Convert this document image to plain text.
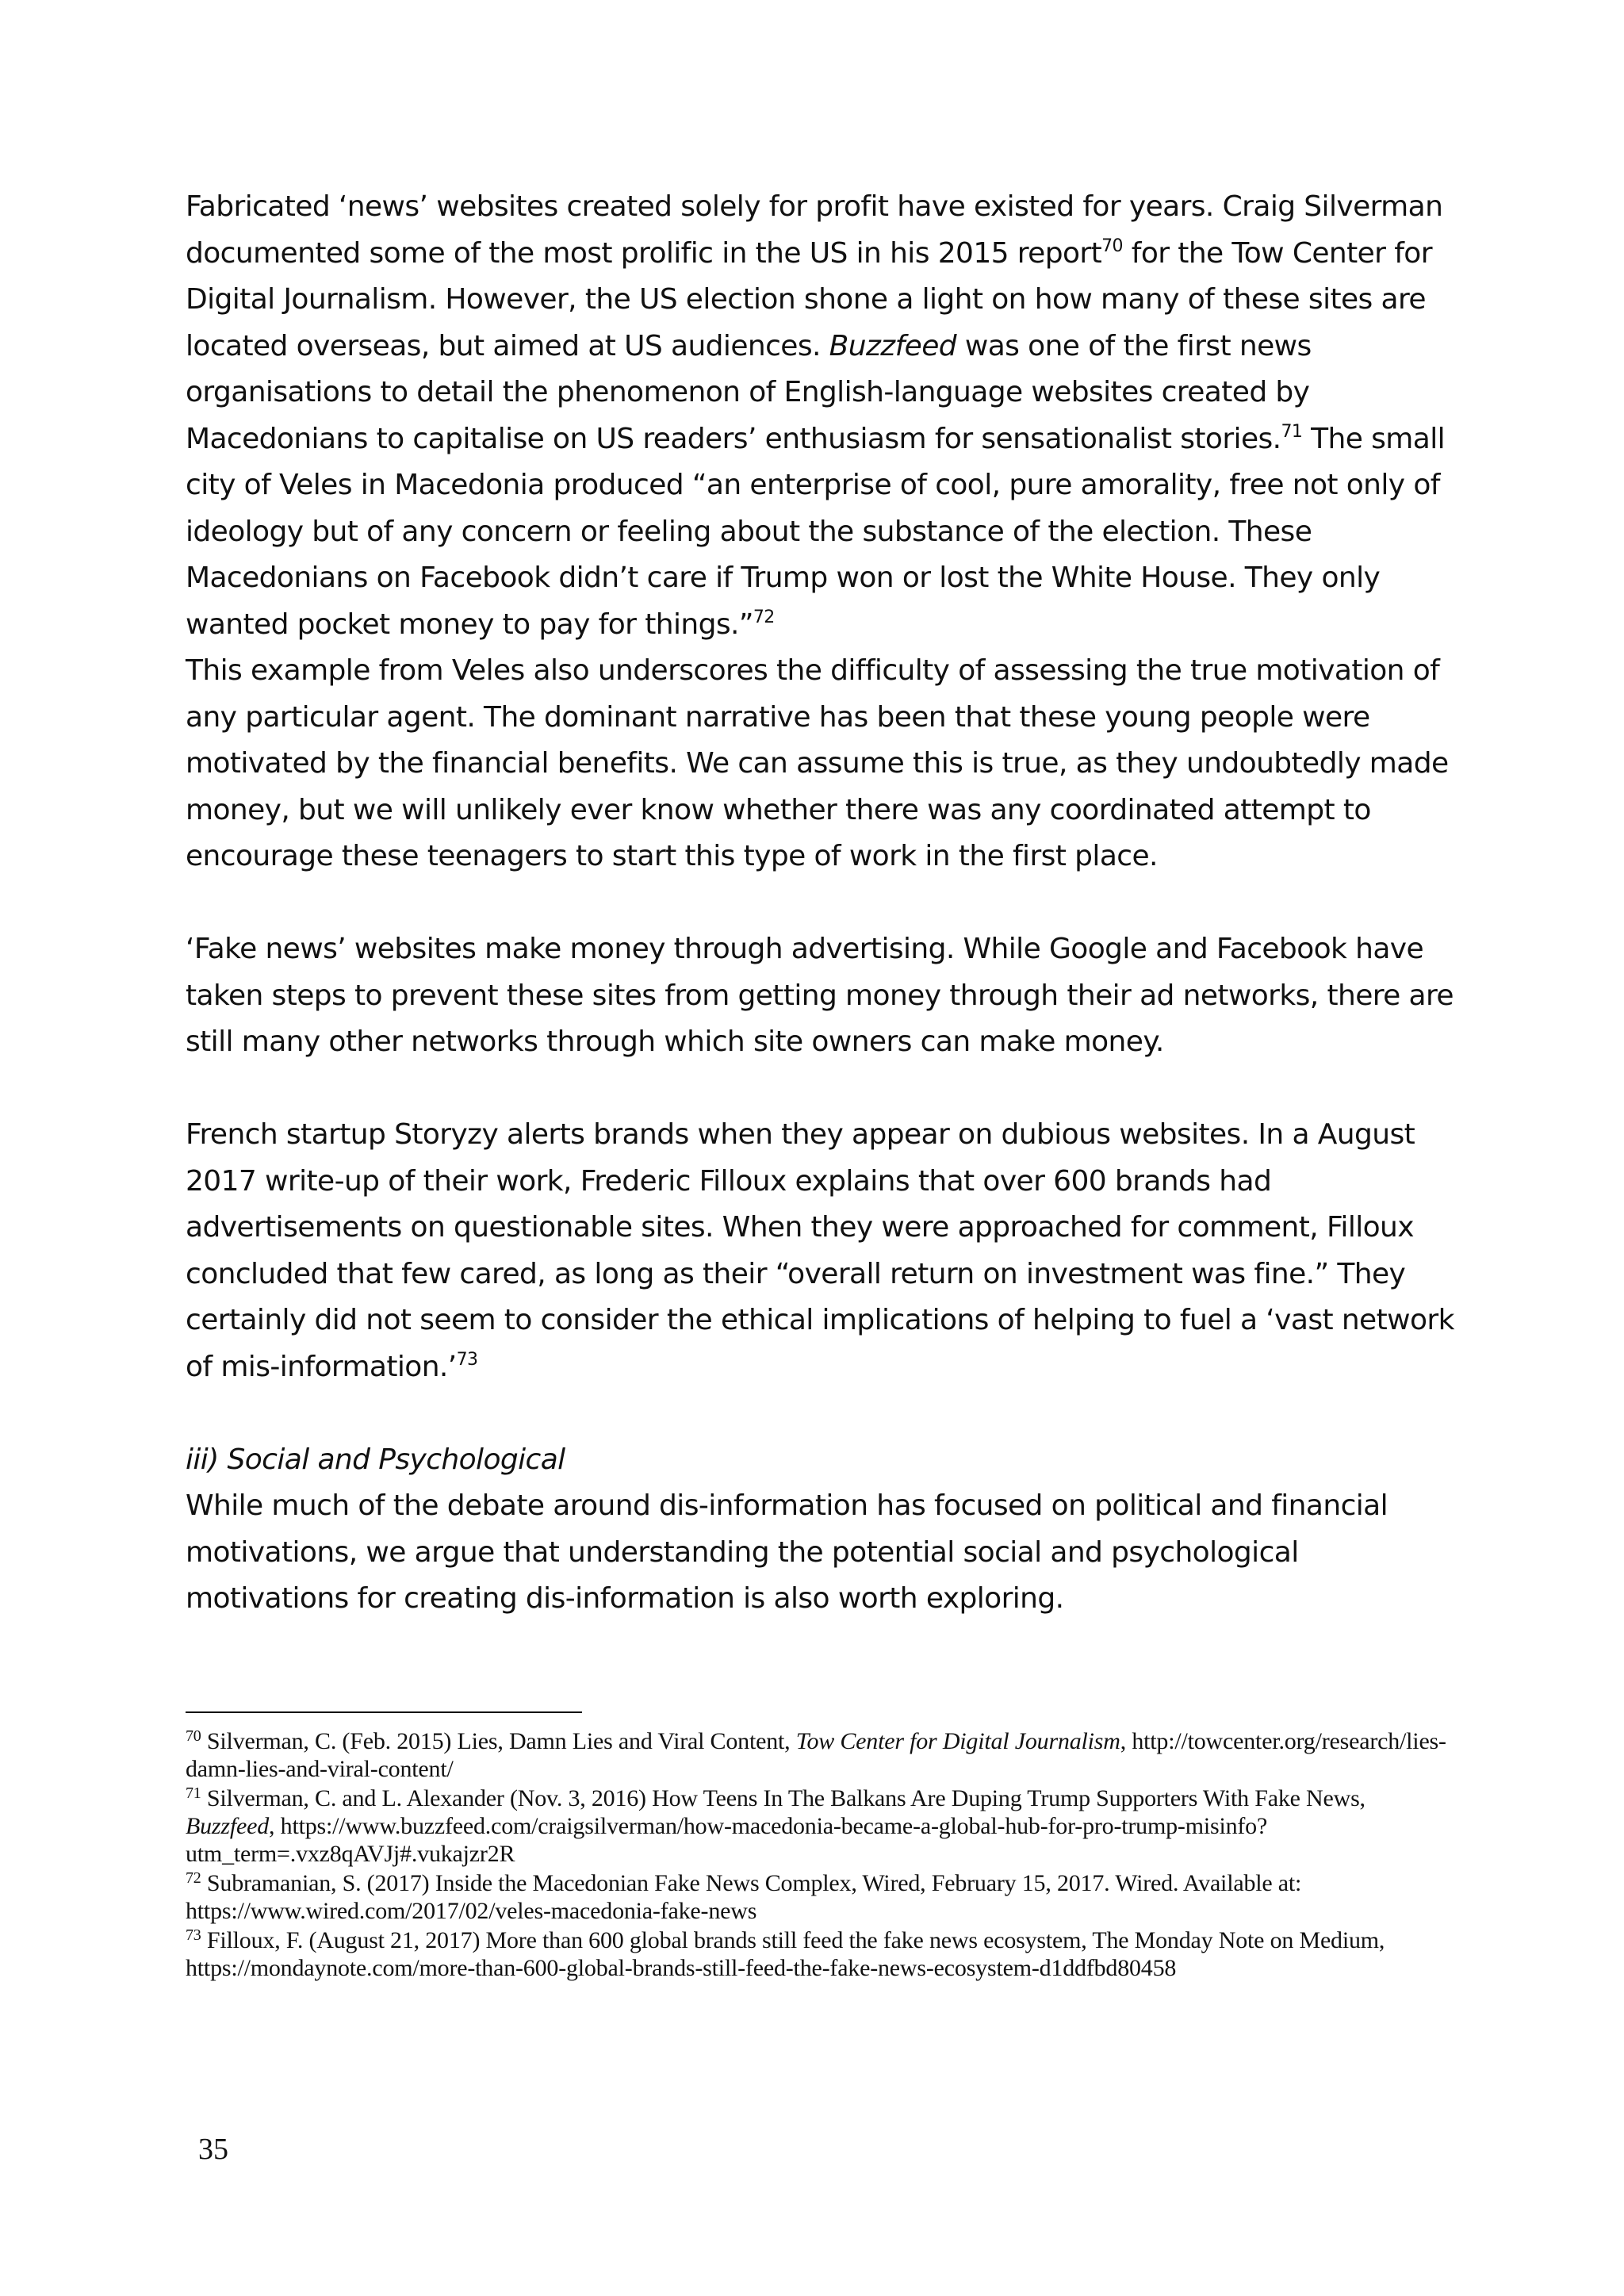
Fabricated ‘news’ websites created solely for profit have existed for years. Craig Silverman documented some of the most prolific in the US in his 2015 report$^{70}$ for the Tow Center for Digital Journalism. However, the US election shone a light on how many of these sites are located overseas, but aimed at US audiences. Buzzfeed was one of the first news organisations to detail the phenomenon of English-language websites created by Macedonians to capitalise on US readers’ enthusiasm for sensationalist stories.$^{71}$ The small city of Veles in Macedonia produced “an enterprise of cool, pure amorality, free not only of ideology but of any concern or feeling about the substance of the election. These Macedonians on Facebook didn’t care if Trump won or lost the White House. They only wanted pocket money to pay for things.”$^{72}$

This example from Veles also underscores the difficulty of assessing the true motivation of any particular agent. The dominant narrative has been that these young people were motivated by the financial benefits. We can assume this is true, as they undoubtedly made money, but we will unlikely ever know whether there was any coordinated attempt to encourage these teenagers to start this type of work in the first place.

‘Fake news’ websites make money through advertising. While Google and Facebook have taken steps to prevent these sites from getting money through their ad networks, there are still many other networks through which site owners can make money.

French startup Storyzy alerts brands when they appear on dubious websites. In a August 2017 write-up of their work, Frederic Filloux explains that over 600 brands had advertisements on questionable sites. When they were approached for comment, Filloux concluded that few cared, as long as their “overall return on investment was fine.” They certainly did not seem to consider the ethical implications of helping to fuel a ‘vast network of mis-information.’$^{73}$

iii) Social and Psychological

While much of the debate around dis-information has focused on political and financial motivations, we argue that understanding the potential social and psychological motivations for creating dis-information is also worth exploring.

$^{70}$ Silverman, C. (Feb. 2015) Lies, Damn Lies and Viral Content, Tow Center for Digital Journalism, http://towcenter.org/research/lies-damn-lies-and-viral-content/

$^{71}$ Silverman, C. and L. Alexander (Nov. 3, 2016) How Teens In The Balkans Are Duping Trump Supporters With Fake News, Buzzfeed, https://www.buzzfeed.com/craigsilverman/how-macedonia-became-a-global-hub-for-pro-trump-misinfo?utm_term=.vxz8qAVJj#.vukajzr2R

$^{72}$ Subramanian, S. (2017) Inside the Macedonian Fake News Complex, Wired, February 15, 2017. Wired. Available at: https://www.wired.com/2017/02/veles-macedonia-fake-news

$^{73}$ Filloux, F. (August 21, 2017) More than 600 global brands still feed the fake news ecosystem, The Monday Note on Medium, https://mondaynote.com/more-than-600-global-brands-still-feed-the-fake-news-ecosystem-d1ddfbd80458

35
